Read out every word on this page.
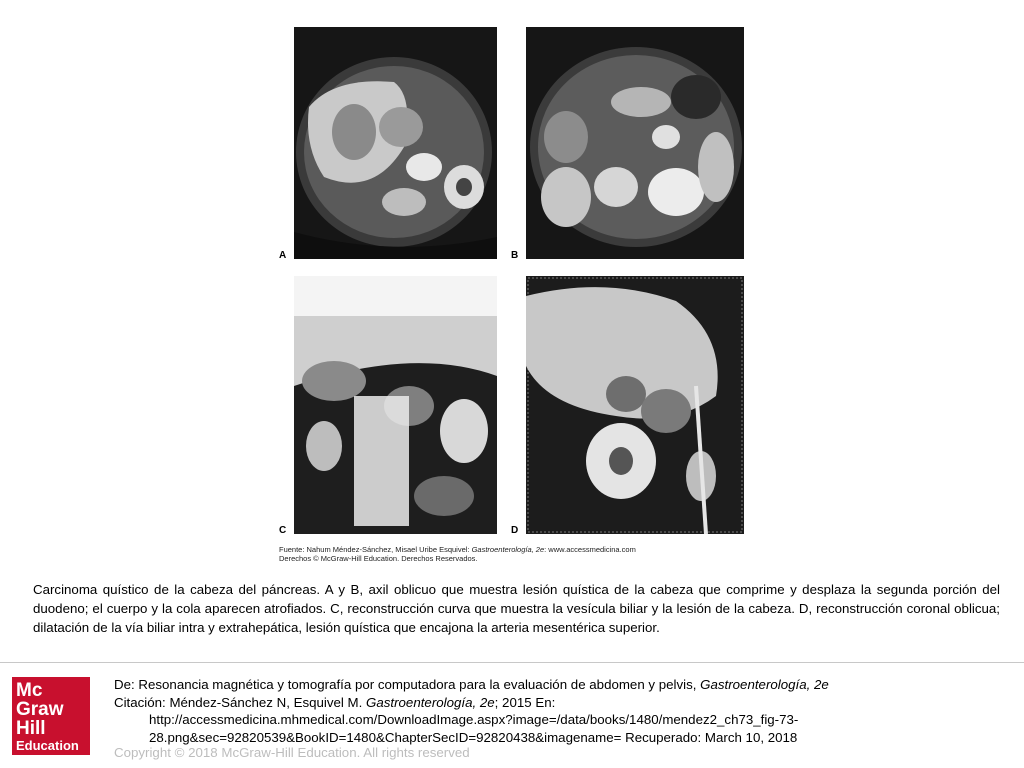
A	B
C	D
Fuente: Nahum Méndez-Sánchez, Misael Uribe Esquivel: Gastroenterología, 2e: www.accessmedicina.com
Derechos © McGraw-Hill Education. Derechos Reservados.
Carcinoma quístico de la cabeza del páncreas. A y B, axil oblicuo que muestra lesión quística de la cabeza que comprime y desplaza la segunda porción del duodeno; el cuerpo y la cola aparecen atrofiados. C, reconstrucción curva que muestra la vesícula biliar y la lesión de la cabeza. D, reconstrucción coronal oblicua; dilatación de la vía biliar intra y extrahepática, lesión quística que encajona la arteria mesentérica superior.
Mc
Graw
Hill
Education
De: Resonancia magnética y tomografía por computadora para la evaluación de abdomen y pelvis, Gastroenterología, 2e
Citación: Méndez-Sánchez N, Esquivel M. Gastroenterología, 2e; 2015 En:
http://accessmedicina.mhmedical.com/DownloadImage.aspx?image=/data/books/1480/mendez2_ch73_fig-73-
28.png&sec=92820539&BookID=1480&ChapterSecID=92820438&imagename= Recuperado: March 10, 2018
Copyright © 2018 McGraw-Hill Education. All rights reserved
